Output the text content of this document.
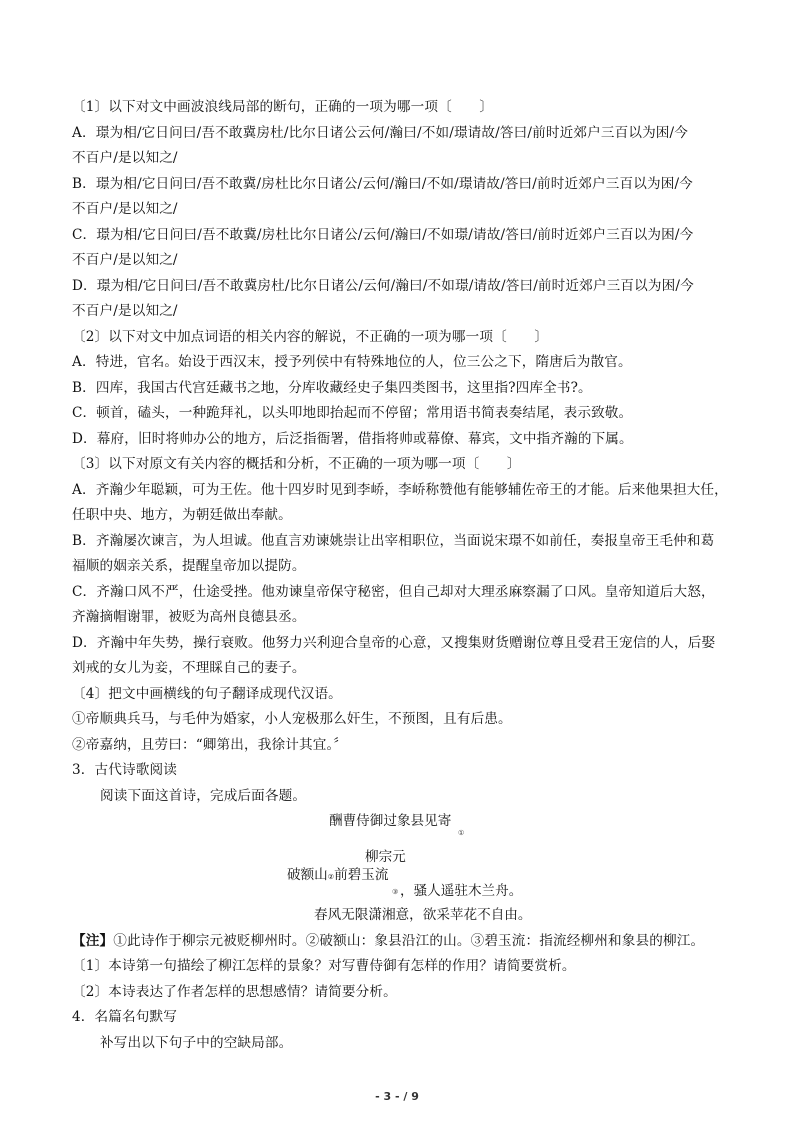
〔1〕以下对文中画波浪线局部的断句，正确的一项为哪一项〔　　〕
A．璟为相/它日问曰/吾不敢冀房杜/比尔日诸公云何/瀚曰/不如/璟请故/答曰/前时近郊户三百以为困/今
不百户/是以知之/
B．璟为相/它日问曰/吾不敢冀/房杜比尔日诸公/云何/瀚曰/不如/璟请故/答曰/前时近郊户三百以为困/今
不百户/是以知之/
C．璟为相/它日问曰/吾不敢冀/房杜比尔日诸公/云何/瀚曰/不如璟/请故/答曰/前时近郊户三百以为困/今
不百户/是以知之/
D．璟为相/它日问曰/吾不敢冀房杜/比尔日诸公/云何/瀚曰/不如璟/请故/答曰/前时近郊户三百以为困/今
不百户/是以知之/
〔2〕以下对文中加点词语的相关内容的解说，不正确的一项为哪一项〔　　〕
A．特进，官名。始设于西汉末，授予列侯中有特殊地位的人，位三公之下，隋唐后为散官。
B．四库，我国古代宫廷藏书之地，分库收藏经史子集四类图书，这里指?四库全书?。
C．顿首，磕头，一种跪拜礼，以头叩地即抬起而不停留；常用语书简表奏结尾，表示致敬。
D．幕府，旧时将帅办公的地方，后泛指衙署，借指将帅或幕僚、幕宾，文中指齐瀚的下属。
〔3〕以下对原文有关内容的概括和分析，不正确的一项为哪一项〔　　〕
A．齐瀚少年聪颖，可为王佐。他十四岁时见到李峤，李峤称赞他有能够辅佐帝王的才能。后来他果担大任，
任职中央、地方，为朝廷做出奉献。
B．齐瀚屡次谏言，为人坦诚。他直言劝谏姚崇让出宰相职位，当面说宋璟不如前任，奏报皇帝王毛仲和葛
福顺的姻亲关系，提醒皇帝加以提防。
C．齐瀚口风不严，仕途受挫。他劝谏皇帝保守秘密，但自己却对大理丞麻察漏了口风。皇帝知道后大怒，
齐瀚摘帽谢罪，被贬为高州良德县丞。
D．齐瀚中年失势，操行衰败。他努力兴利迎合皇帝的心意，又搜集财货赠谢位尊且受君王宠信的人，后娶
刘戒的女儿为妾，不理睬自己的妻子。
〔4〕把文中画横线的句子翻译成现代汉语。
①帝顺典兵马，与毛仲为婚家，小人宠极那么奸生，不预图，且有后患。
②帝嘉纳，且劳曰：“卿第出，我徐计其宜。〞
3．古代诗歌阅读
阅读下面这首诗，完成后面各题。
酬曹侍御过象县见寄
①
柳宗元
破额山②前碧玉流
③ ，骚人遥驻木兰舟。
春风无限潇湘意，欲采苹花不自由。
【注】①此诗作于柳宗元被贬柳州时。②破额山：象县沿江的山。③碧玉流：指流经柳州和象县的柳江。
〔1〕本诗第一句描绘了柳江怎样的景象？对写曹侍御有怎样的作用？请简要赏析。
〔2〕本诗表达了作者怎样的思想感情？请简要分析。
4．名篇名句默写
补写出以下句子中的空缺局部。
- 3 - / 9
